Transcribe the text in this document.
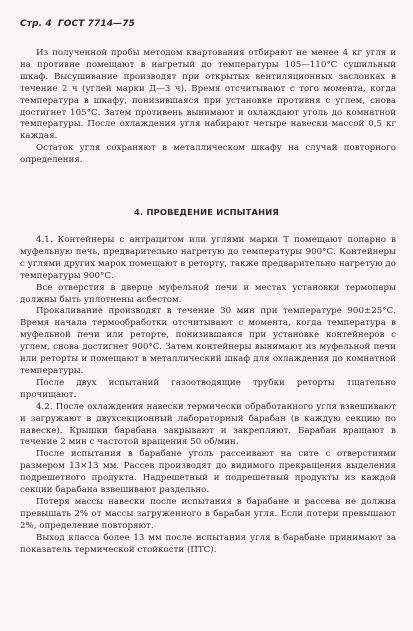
Стр. 4 ГОСТ 7714—75

Из полученной пробы методом квартования отбирают не менее 4 кг угля и на противне помещают в нагретый до температуры 105—110°С сушильный шкаф. Высушивание производят при открытых вентиляционных заслонках в течение 2 ч (углей марки Д—3 ч). Время отсчитывают с того момента, когда температура в шкафу, понизившаяся при установке противня с углем, снова достигнет 105°С. Затем противень вынимают и охлаждают уголь до комнатной температуры. После охлаждения угля набирают четыре навески массой 0,5 кг каждая.

Остаток угля сохраняют в металлическом шкафу на случай повторного определения.

4. ПРОВЕДЕНИЕ ИСПЫТАНИЯ

4.1. Контейнеры с антрацитом или углями марки Т помещают попарно в муфельную печь, предварительно нагретую до температуры 900°С. Контейнеры с углями других марок помещают в реторту, также предварительно нагретую до температуры 900°С.

Все отверстия в дверце муфельной печи и местах установки термопары должны быть уплотнены асбестом.

Прокаливание производят в течение 30 мин при температуре 900±25°С. Время начала термообработки отсчитывают с момента, когда температура в муфельной печи или реторте, понизившаяся при установке контейнеров с углем, снова достигнет 900°С. Затем контейнеры вынимают из муфельной печи или реторты и помещают в металлический шкаф для охлаждения до комнатной температуры.

После двух испытаний газоотводящие трубки реторты тщательно прочищают.

4.2. После охлаждения навески термически обработанного угля взвешивают и загружают в двухсекционный лабораторный барабан (в каждую секцию по навеске). Крышки барабана закрывают и закрепляют. Барабан вращают в течение 2 мин с частотой вращения 50 об/мин.

После испытания в барабане уголь рассеивают на сите с отверстиями размером 13×13 мм. Рассев производят до видимого прекращения выделения подрешетного продукта. Надрешетный и подрешетный продукты из каждой секции барабана взвешивают раздельно.

Потеря массы навески после испытания в барабане и рассева не должна превышать 2% от массы загруженного в барабан угля. Если потери превышают 2%, определение повторяют.

Выход класса более 13 мм после испытания угля в барабане принимают за показатель термической стойкости (ПТС).
